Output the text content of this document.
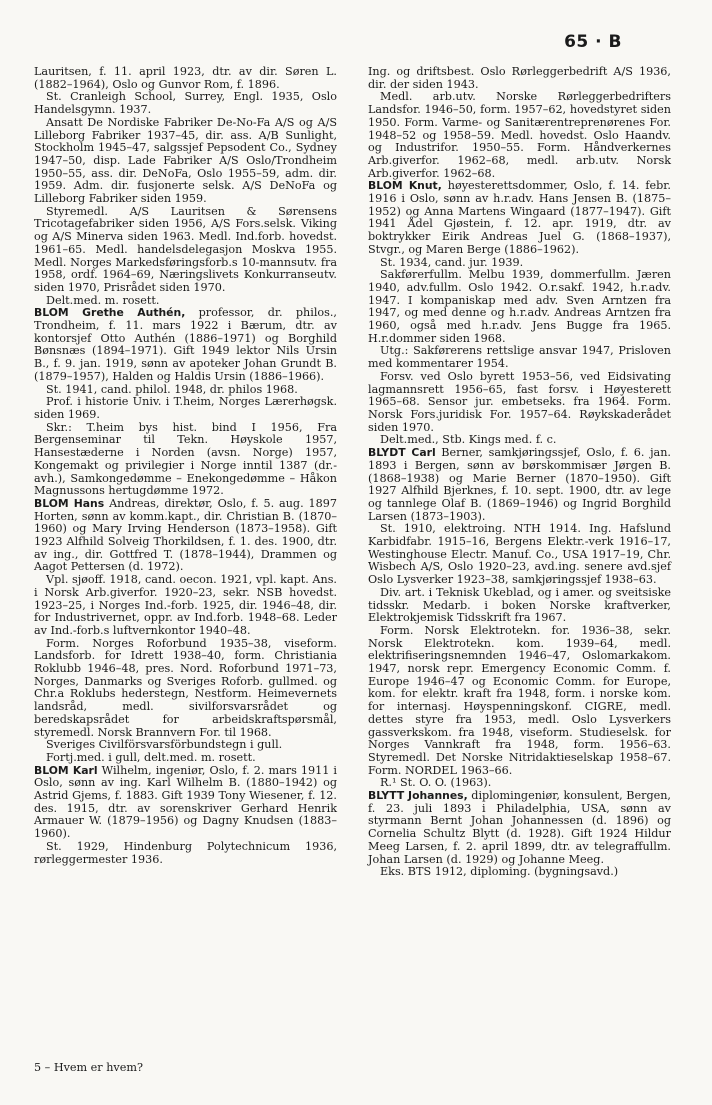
65 · B

Lauritsen, f. 11. april 1923, dtr. av dir. Søren L. (1882–1964), Oslo og Gunvor Rom, f. 1896.

St. Cranleigh School, Surrey, Engl. 1935, Oslo Handelsgymn. 1937.

Ansatt De Nordiske Fabriker De-No-Fa A/S og A/S Lilleborg Fabriker 1937–45, dir. ass. A/B Sunlight, Stockholm 1945–47, salgssjef Pepsodent Co., Sydney 1947–50, disp. Lade Fabriker A/S Oslo/Trondheim 1950–55, ass. dir. DeNoFa, Oslo 1955–59, adm. dir. 1959. Adm. dir. fusjonerte selsk. A/S DeNoFa og Lilleborg Fabriker siden 1959.

Styremedl. A/S Lauritsen & Sørensens Tricotagefabriker siden 1956, A/S Fors.selsk. Viking og A/S Minerva siden 1963. Medl. Ind.forb. hovedst. 1961–65. Medl. handelsdelegasjon Moskva 1955. Medl. Norges Markedsføringsforb.s 10-mannsutv. fra 1958, ordf. 1964–69, Næringslivets Konkurranseutv. siden 1970, Prisrådet siden 1970.

Delt.med. m. rosett.

BLOM Grethe Authén, professor, dr. philos., Trondheim, f. 11. mars 1922 i Bærum, dtr. av kontorsjef Otto Authén (1886–1971) og Borghild Bønsnæs (1894–1971). Gift 1949 lektor Nils Ursin B., f. 9. jan. 1919, sønn av apoteker Johan Grundt B. (1879–1957), Halden og Haldis Ursin (1886–1966).

St. 1941, cand. philol. 1948, dr. philos 1968.

Prof. i historie Univ. i T.heim, Norges Lærerhøgsk. siden 1969.

Skr.: T.heim bys hist. bind I 1956, Fra Bergenseminar til Tekn. Høyskole 1957, Hansestæderne i Norden (avsn. Norge) 1957, Kongemakt og privilegier i Norge inntil 1387 (dr.-avh.), Samkongedømme – Enekongedømme – Håkon Magnussons hertugdømme 1972.

BLOM Hans Andreas, direktør, Oslo, f. 5. aug. 1897 Horten, sønn av komm.kapt., dir. Christian B. (1870–1960) og Mary Irving Henderson (1873–1958). Gift 1923 Alfhild Solveig Thorkildsen, f. 1. des. 1900, dtr. av ing., dir. Gottfred T. (1878–1944), Drammen og Aagot Pettersen (d. 1972).

Vpl. sjøoff. 1918, cand. oecon. 1921, vpl. kapt. Ans. i Norsk Arb.giverfor. 1920–23, sekr. NSB hovedst. 1923–25, i Norges Ind.-forb. 1925, dir. 1946–48, dir. for Industrivernet, oppr. av Ind.forb. 1948–68. Leder av Ind.-forb.s luftvernkontor 1940–48.

Form. Norges Roforbund 1935–38, viseform. Landsforb. for Idrett 1938–40, form. Christiania Roklubb 1946–48, pres. Nord. Roforbund 1971–73, Norges, Danmarks og Sveriges Roforb. gullmed. og Chr.a Roklubs hederstegn, Nestform. Heimevernets landsråd, medl. sivilforsvarsrådet og beredskapsrådet for arbeidskraftspørsmål, styremedl. Norsk Brannvern For. til 1968.

Sveriges Civilförsvarsförbundstegn i gull.

Fortj.med. i gull, delt.med. m. rosett.

BLOM Karl Wilhelm, ingeniør, Oslo, f. 2. mars 1911 i Oslo, sønn av ing. Karl Wilhelm B. (1880–1942) og Astrid Gjems, f. 1883. Gift 1939 Tony Wiesener, f. 12. des. 1915, dtr. av sorenskriver Gerhard Henrik Armauer W. (1879–1956) og Dagny Knudsen (1883–1960).

St. 1929, Hindenburg Polytechnicum 1936, rørleggermester 1936.

Ing. og driftsbest. Oslo Rørleggerbedrift A/S 1936, dir. der siden 1943.

Medl. arb.utv. Norske Rørleggerbedrifters Landsfor. 1946–50, form. 1957–62, hovedstyret siden 1950. Form. Varme- og Sanitærentreprenørenes For. 1948–52 og 1958–59. Medl. hovedst. Oslo Haandv. og Industrifor. 1950–55. Form. Håndverkernes Arb.giverfor. 1962–68, medl. arb.utv. Norsk Arb.giverfor. 1962–68.

BLOM Knut, høyesterettsdommer, Oslo, f. 14. febr. 1916 i Oslo, sønn av h.r.adv. Hans Jensen B. (1875–1952) og Anna Martens Wingaard (1877–1947). Gift 1941 Ådel Gjøstein, f. 12. apr. 1919, dtr. av boktrykker Eirik Andreas Juel G. (1868–1937), Stvgr., og Maren Berge (1886–1962).

St. 1934, cand. jur. 1939.

Sakførerfullm. Melbu 1939, dommerfullm. Jæren 1940, adv.fullm. Oslo 1942. O.r.sakf. 1942, h.r.adv. 1947. I kompaniskap med adv. Sven Arntzen fra 1947, og med denne og h.r.adv. Andreas Arntzen fra 1960, også med h.r.adv. Jens Bugge fra 1965. H.r.dommer siden 1968.

Utg.: Sakførerens rettslige ansvar 1947, Prisloven med kommentarer 1954.

Forsv. ved Oslo byrett 1953–56, ved Eidsivating lagmannsrett 1956–65, fast forsv. i Høyesterett 1965–68. Sensor jur. embetseks. fra 1964. Form. Norsk Fors.juridisk For. 1957–64. Røykskaderådet siden 1970.

Delt.med., Stb. Kings med. f. c.

BLYDT Carl Berner, samkjøringssjef, Oslo, f. 6. jan. 1893 i Bergen, sønn av børskommisær Jørgen B. (1868–1938) og Marie Berner (1870–1950). Gift 1927 Alfhild Bjerknes, f. 10. sept. 1900, dtr. av lege og tannlege Olaf B. (1869–1946) og Ingrid Borghild Larsen (1873–1903).

St. 1910, elektroing. NTH 1914. Ing. Hafslund Karbidfabr. 1915–16, Bergens Elektr.-verk 1916–17, Westinghouse Electr. Manuf. Co., USA 1917–19, Chr. Wisbech A/S, Oslo 1920–23, avd.ing. senere avd.sjef Oslo Lysverker 1923–38, samkjøringssjef 1938–63.

Div. art. i Teknisk Ukeblad, og i amer. og sveitsiske tidsskr. Medarb. i boken Norske kraftverker, Elektrokjemisk Tidsskrift fra 1967.

Form. Norsk Elektrotekn. for. 1936–38, sekr. Norsk Elektrotekn. kom. 1939–64, medl. elektrifiseringsnemnden 1946–47, Oslomarkakom. 1947, norsk repr. Emergency Economic Comm. f. Europe 1946–47 og Economic Comm. for Europe, kom. for elektr. kraft fra 1948, form. i norske kom. for internasj. Høyspenningskonf. CIGRE, medl. dettes styre fra 1953, medl. Oslo Lysverkers gassverkskom. fra 1948, viseform. Studieselsk. for Norges Vannkraft fra 1948, form. 1956–63. Styremedl. Det Norske Nitridaktieselskap 1958–67. Form. NORDEL 1963–66.

R.¹ St. O. O. (1963).

BLYTT Johannes, diplomingeniør, konsulent, Bergen, f. 23. juli 1893 i Philadelphia, USA, sønn av styrmann Bernt Johan Johannessen (d. 1896) og Cornelia Schultz Blytt (d. 1928). Gift 1924 Hildur Meeg Larsen, f. 2. april 1899, dtr. av telegraffullm. Johan Larsen (d. 1929) og Johanne Meeg.

Eks. BTS 1912, diploming. (bygningsavd.)

5 – Hvem er hvem?
